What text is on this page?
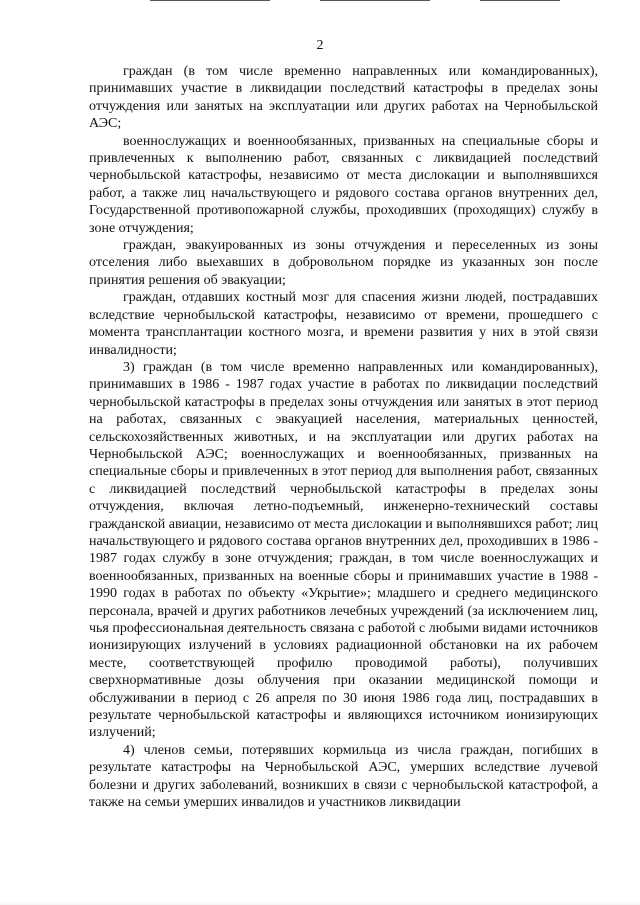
2

граждан (в том числе временно направленных или командированных), принимавших участие в ликвидации последствий катастрофы в пределах зоны отчуждения или занятых на эксплуатации или других работах на Чернобыльской АЭС;

военнослужащих и военнообязанных, призванных на специальные сборы и привлеченных к выполнению работ, связанных с ликвидацией последствий чернобыльской катастрофы, независимо от места дислокации и выполнявшихся работ, а также лиц начальствующего и рядового состава органов внутренних дел, Государственной противопожарной службы, проходивших (проходящих) службу в зоне отчуждения;

граждан, эвакуированных из зоны отчуждения и переселенных из зоны отселения либо выехавших в добровольном порядке из указанных зон после принятия решения об эвакуации;

граждан, отдавших костный мозг для спасения жизни людей, пострадавших вследствие чернобыльской катастрофы, независимо от времени, прошедшего с момента трансплантации костного мозга, и времени развития у них в этой связи инвалидности;

3) граждан (в том числе временно направленных или командированных), принимавших в 1986 - 1987 годах участие в работах по ликвидации последствий чернобыльской катастрофы в пределах зоны отчуждения или занятых в этот период на работах, связанных с эвакуацией населения, материальных ценностей, сельскохозяйственных животных, и на эксплуатации или других работах на Чернобыльской АЭС; военнослужащих и военнообязанных, призванных на специальные сборы и привлеченных в этот период для выполнения работ, связанных с ликвидацией последствий чернобыльской катастрофы в пределах зоны отчуждения, включая летно-подъемный, инженерно-технический составы гражданской авиации, независимо от места дислокации и выполнявшихся работ; лиц начальствующего и рядового состава органов внутренних дел, проходивших в 1986 - 1987 годах службу в зоне отчуждения; граждан, в том числе военнослужащих и военнообязанных, призванных на военные сборы и принимавших участие в 1988 - 1990 годах в работах по объекту «Укрытие»; младшего и среднего медицинского персонала, врачей и других работников лечебных учреждений (за исключением лиц, чья профессиональная деятельность связана с работой с любыми видами источников ионизирующих излучений в условиях радиационной обстановки на их рабочем месте, соответствующей профилю проводимой работы), получивших сверхнормативные дозы облучения при оказании медицинской помощи и обслуживании в период с 26 апреля по 30 июня 1986 года лиц, пострадавших в результате чернобыльской катастрофы и являющихся источником ионизирующих излучений;

4) членов семьи, потерявших кормильца из числа граждан, погибших в результате катастрофы на Чернобыльской АЭС, умерших вследствие лучевой болезни и других заболеваний, возникших в связи с чернобыльской катастрофой, а также на семьи умерших инвалидов и участников ликвидации
